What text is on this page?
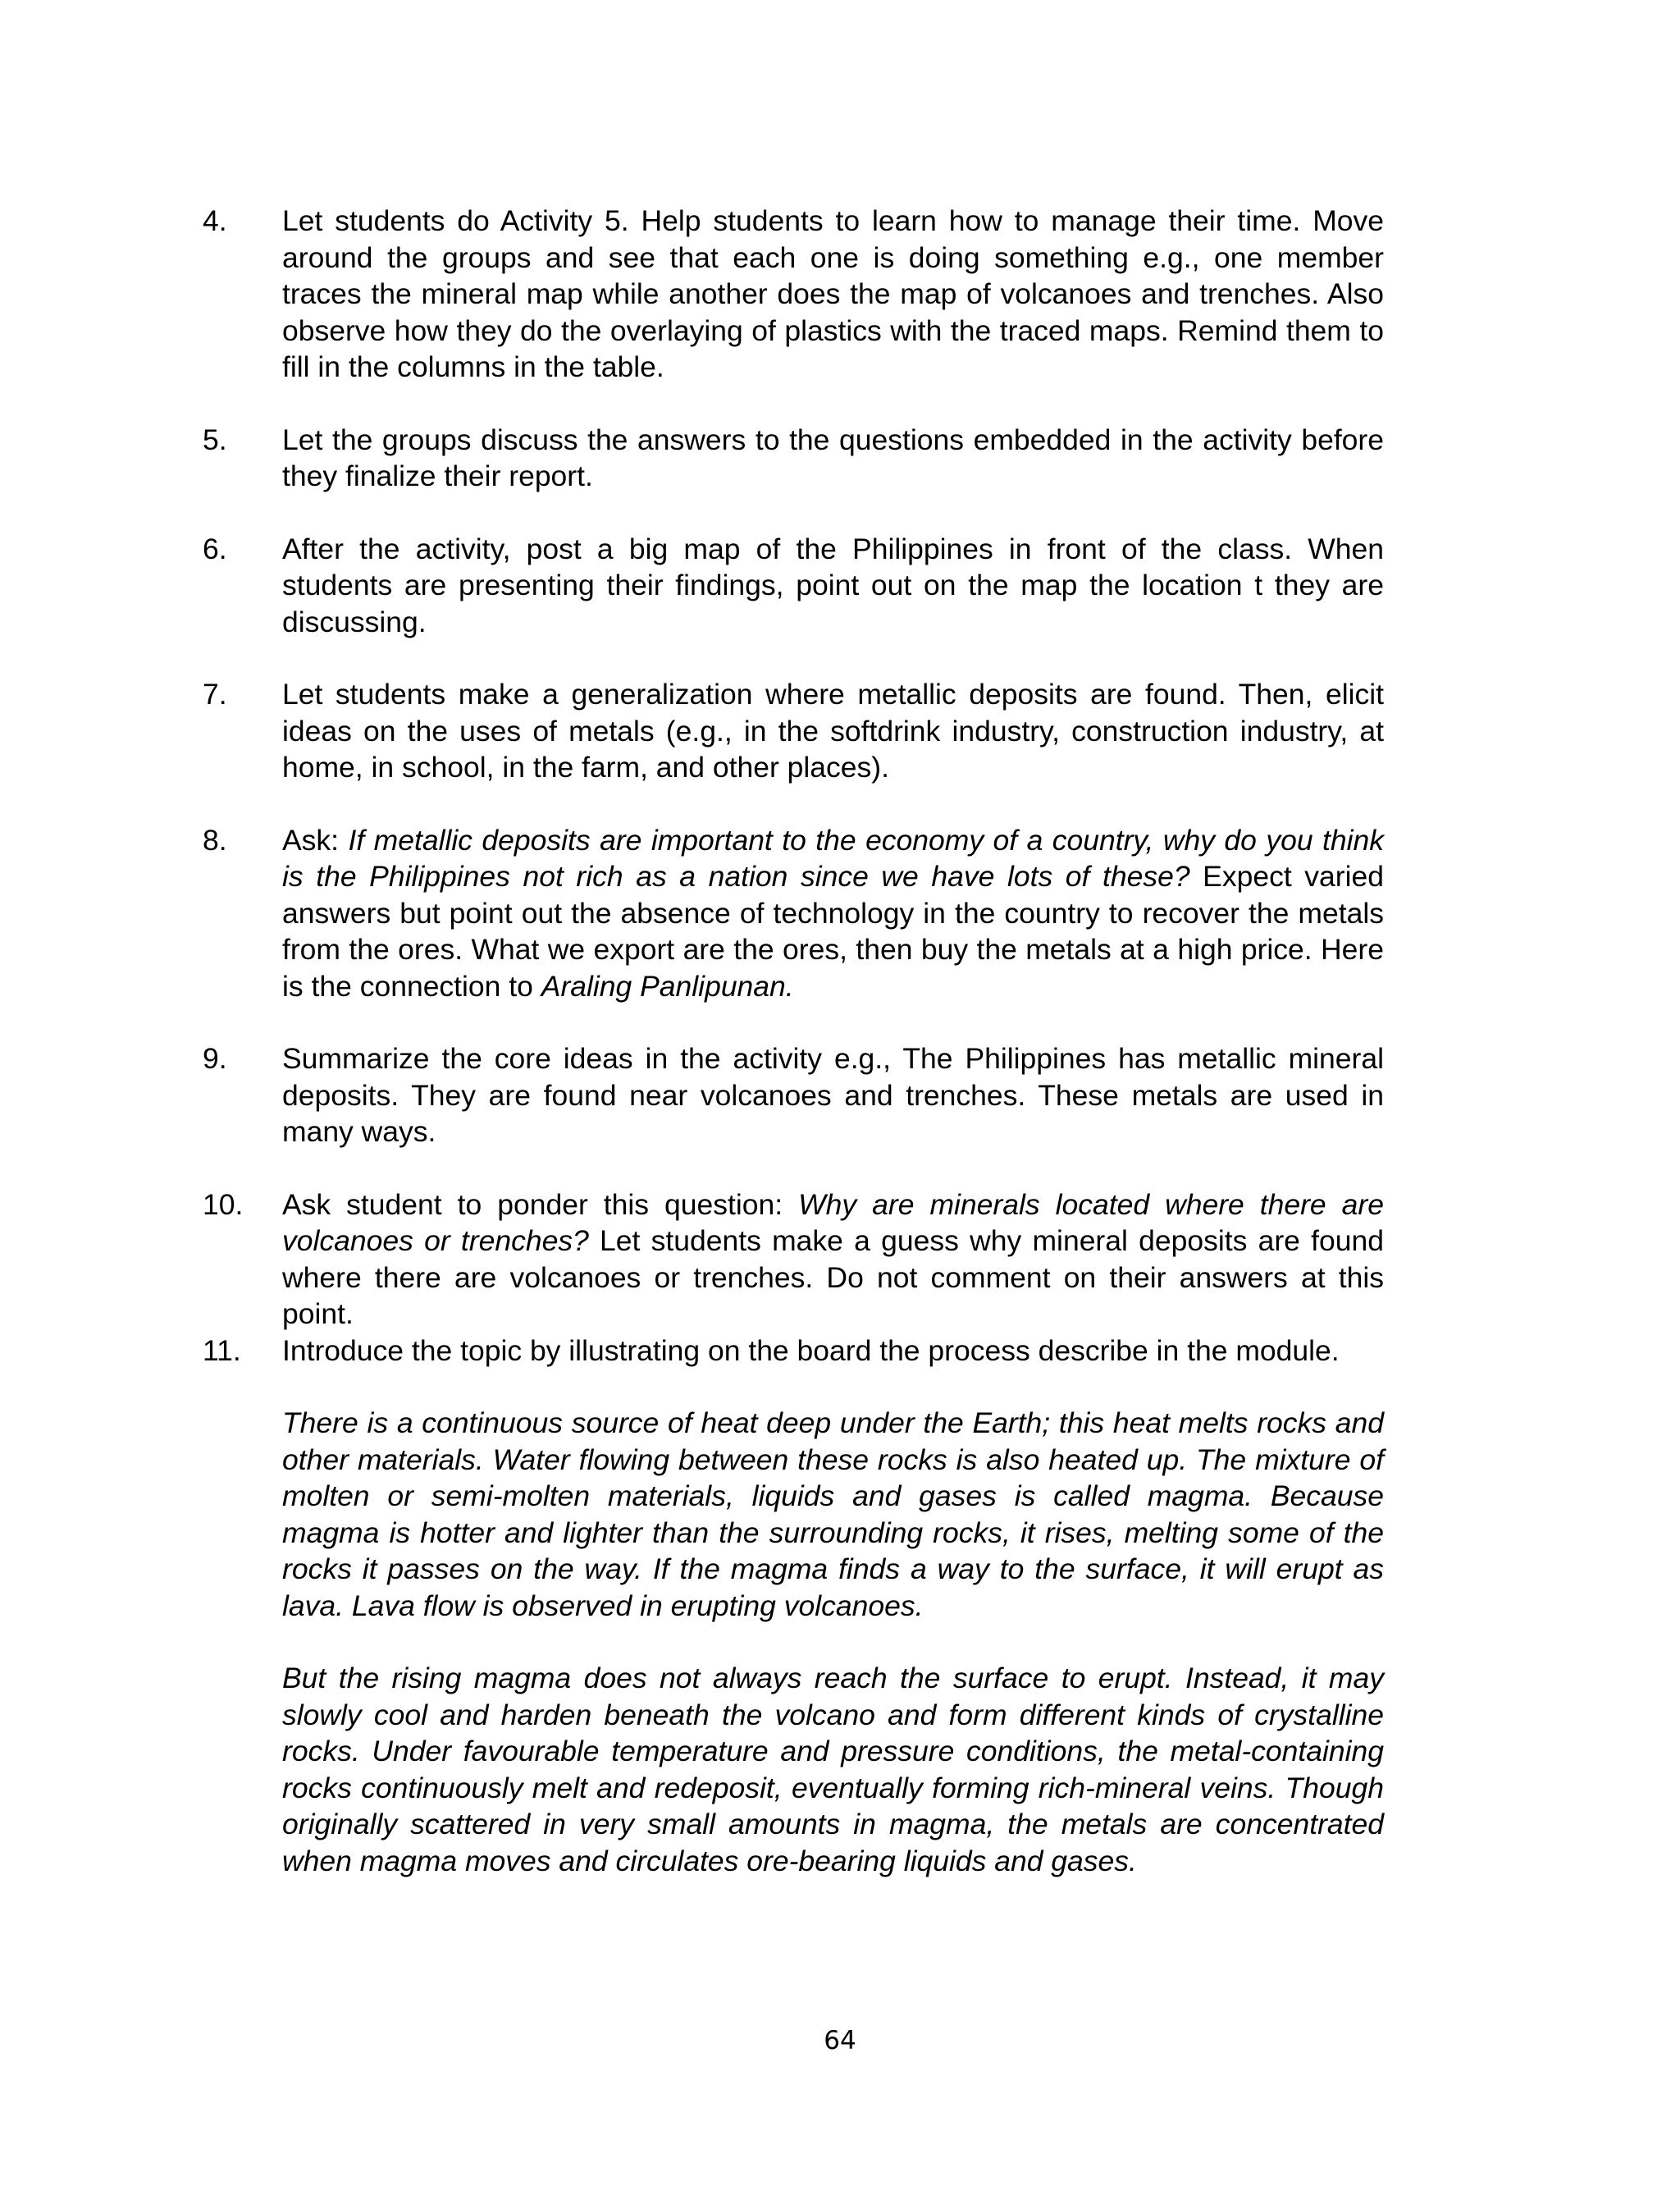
4. Let students do Activity 5. Help students to learn how to manage their time. Move around the groups and see that each one is doing something e.g., one member traces the mineral map while another does the map of volcanoes and trenches. Also observe how they do the overlaying of plastics with the traced maps. Remind them to fill in the columns in the table.
5. Let the groups discuss the answers to the questions embedded in the activity before they finalize their report.
6. After the activity, post a big map of the Philippines in front of the class. When students are presenting their findings, point out on the map the location t they are discussing.
7. Let students make a generalization where metallic deposits are found. Then, elicit ideas on the uses of metals (e.g., in the softdrink industry, construction industry, at home, in school, in the farm, and other places).
8. Ask: If metallic deposits are important to the economy of a country, why do you think is the Philippines not rich as a nation since we have lots of these? Expect varied answers but point out the absence of technology in the country to recover the metals from the ores. What we export are the ores, then buy the metals at a high price. Here is the connection to Araling Panlipunan.
9. Summarize the core ideas in the activity e.g., The Philippines has metallic mineral deposits. They are found near volcanoes and trenches. These metals are used in many ways.
10. Ask student to ponder this question: Why are minerals located where there are volcanoes or trenches? Let students make a guess why mineral deposits are found where there are volcanoes or trenches. Do not comment on their answers at this point.
11. Introduce the topic by illustrating on the board the process describe in the module.
There is a continuous source of heat deep under the Earth; this heat melts rocks and other materials. Water flowing between these rocks is also heated up. The mixture of molten or semi-molten materials, liquids and gases is called magma. Because magma is hotter and lighter than the surrounding rocks, it rises, melting some of the rocks it passes on the way. If the magma finds a way to the surface, it will erupt as lava. Lava flow is observed in erupting volcanoes.
But the rising magma does not always reach the surface to erupt. Instead, it may slowly cool and harden beneath the volcano and form different kinds of crystalline rocks. Under favourable temperature and pressure conditions, the metal-containing rocks continuously melt and redeposit, eventually forming rich-mineral veins. Though originally scattered in very small amounts in magma, the metals are concentrated when magma moves and circulates ore-bearing liquids and gases.
64
